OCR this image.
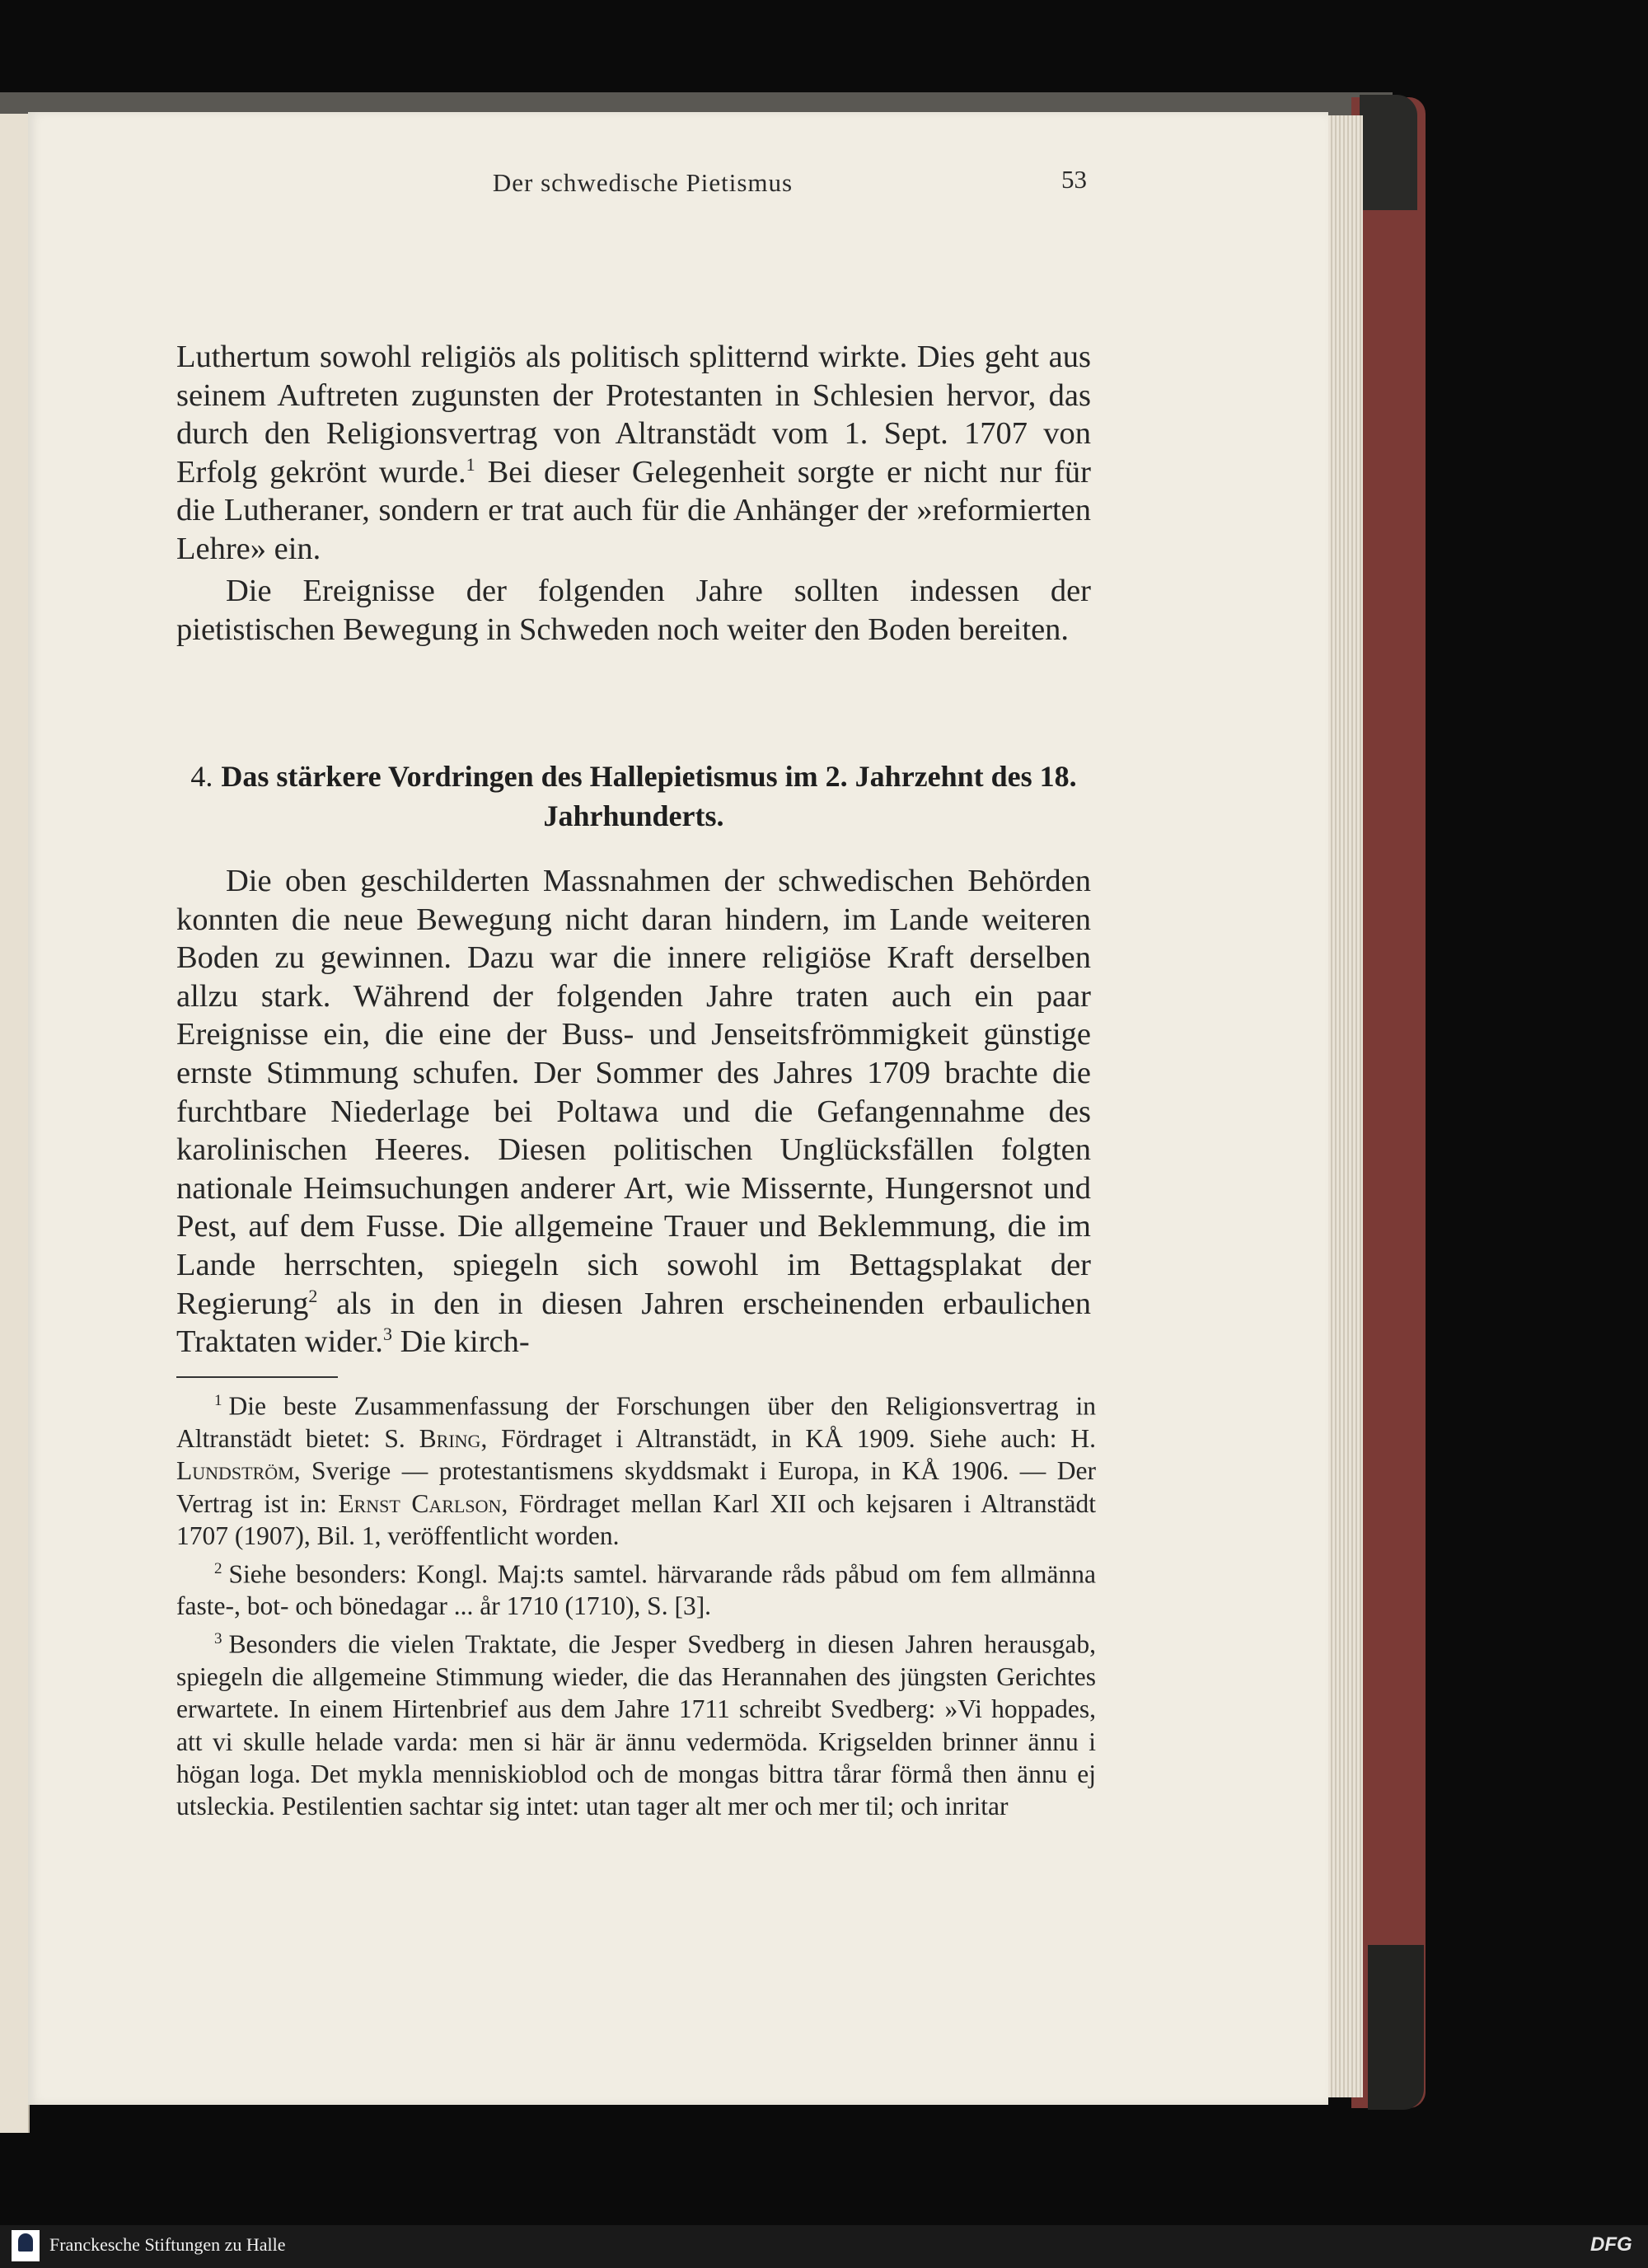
Der schwedische Pietismus	53

Luthertum sowohl religiös als politisch splitternd wirkte. Dies geht aus seinem Auftreten zugunsten der Protestanten in Schlesien hervor, das durch den Religionsvertrag von Altranstädt vom 1. Sept. 1707 von Erfolg gekrönt wurde.$^1$ Bei dieser Gelegenheit sorgte er nicht nur für die Lutheraner, sondern er trat auch für die Anhänger der »reformierten Lehre» ein.

Die Ereignisse der folgenden Jahre sollten indessen der pietistischen Bewegung in Schweden noch weiter den Boden bereiten.

4. Das stärkere Vordringen des Hallepietismus im 2. Jahrzehnt des 18. Jahrhunderts.

Die oben geschilderten Massnahmen der schwedischen Behörden konnten die neue Bewegung nicht daran hindern, im Lande weiteren Boden zu gewinnen. Dazu war die innere religiöse Kraft derselben allzu stark. Während der folgenden Jahre traten auch ein paar Ereignisse ein, die eine der Buss- und Jenseitsfrömmigkeit günstige ernste Stimmung schufen. Der Sommer des Jahres 1709 brachte die furchtbare Niederlage bei Poltawa und die Gefangennahme des karolinischen Heeres. Diesen politischen Unglücksfällen folgten nationale Heimsuchungen anderer Art, wie Missernte, Hungersnot und Pest, auf dem Fusse. Die allgemeine Trauer und Beklemmung, die im Lande herrschten, spiegeln sich sowohl im Bettagsplakat der Regierung$^2$ als in den in diesen Jahren erscheinenden erbaulichen Traktaten wider.$^3$ Die kirch-

$^1$ Die beste Zusammenfassung der Forschungen über den Religionsvertrag in Altranstädt bietet: S. Bring, Fördraget i Altranstädt, in KÅ 1909. Siehe auch: H. Lundström, Sverige — protestantismens skyddsmakt i Europa, in KÅ 1906. — Der Vertrag ist in: Ernst Carlson, Fördraget mellan Karl XII och kejsaren i Altranstädt 1707 (1907), Bil. 1, veröffentlicht worden.

$^2$ Siehe besonders: Kongl. Maj:ts samtel. härvarande råds påbud om fem allmänna faste-, bot- och bönedagar ... år 1710 (1710), S. [3].

$^3$ Besonders die vielen Traktate, die Jesper Svedberg in diesen Jahren herausgab, spiegeln die allgemeine Stimmung wieder, die das Herannahen des jüngsten Gerichtes erwartete. In einem Hirtenbrief aus dem Jahre 1711 schreibt Svedberg: »Vi hoppades, att vi skulle helade varda: men si här är ännu vedermöda. Krigselden brinner ännu i högan loga. Det mykla menniskioblod och de mongas bittra tårar förmå then ännu ej utsleckia. Pestilentien sachtar sig intet: utan tager alt mer och mer til; och inritar

Franckesche Stiftungen zu Halle	DFG
